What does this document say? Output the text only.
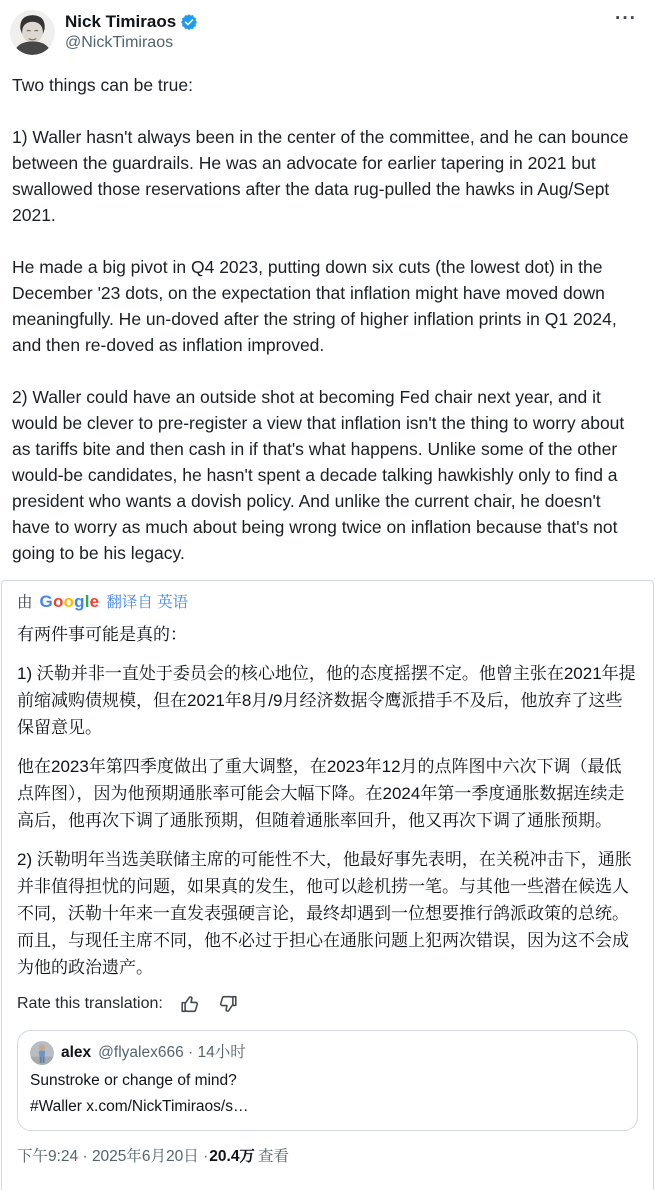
Nick Timiraos
@NickTimiraos
···

Two things can be true:

1) Waller hasn't always been in the center of the committee, and he can bounce between the guardrails. He was an advocate for earlier tapering in 2021 but swallowed those reservations after the data rug-pulled the hawks in Aug/Sept 2021.

He made a big pivot in Q4 2023, putting down six cuts (the lowest dot) in the December '23 dots, on the expectation that inflation might have moved down meaningfully. He un-doved after the string of higher inflation prints in Q1 2024, and then re-doved as inflation improved.

2) Waller could have an outside shot at becoming Fed chair next year, and it would be clever to pre-register a view that inflation isn't the thing to worry about as tariffs bite and then cash in if that's what happens. Unlike some of the other would-be candidates, he hasn't spent a decade talking hawkishly only to find a president who wants a dovish policy. And unlike the current chair, he doesn't have to worry as much about being wrong twice on inflation because that's not going to be his legacy.

由 Google 翻译自 英语

有两件事可能是真的：

1) 沃勒并非一直处于委员会的核心地位，他的态度摇摆不定。他曾主张在2021年提前缩减购债规模，但在2021年8月/9月经济数据令鹰派措手不及后，他放弃了这些保留意见。

他在2023年第四季度做出了重大调整，在2023年12月的点阵图中六次下调（最低点阵图），因为他预期通胀率可能会大幅下降。在2024年第一季度通胀数据连续走高后，他再次下调了通胀预期，但随着通胀率回升，他又再次下调了通胀预期。

2) 沃勒明年当选美联储主席的可能性不大，他最好事先表明，在关税冲击下，通胀并非值得担忧的问题，如果真的发生，他可以趁机捞一笔。与其他一些潜在候选人不同，沃勒十年来一直发表强硬言论，最终却遇到一位想要推行鸽派政策的总统。而且，与现任主席不同，他不必过于担心在通胀问题上犯两次错误，因为这不会成为他的政治遗产。

Rate this translation:
alex @flyalex666 · 14小时
Sunstroke or change of mind?
#Waller x.com/NickTimiraos/s…
下午9:24 · 2025年6月20日 ·20.4万 查看
